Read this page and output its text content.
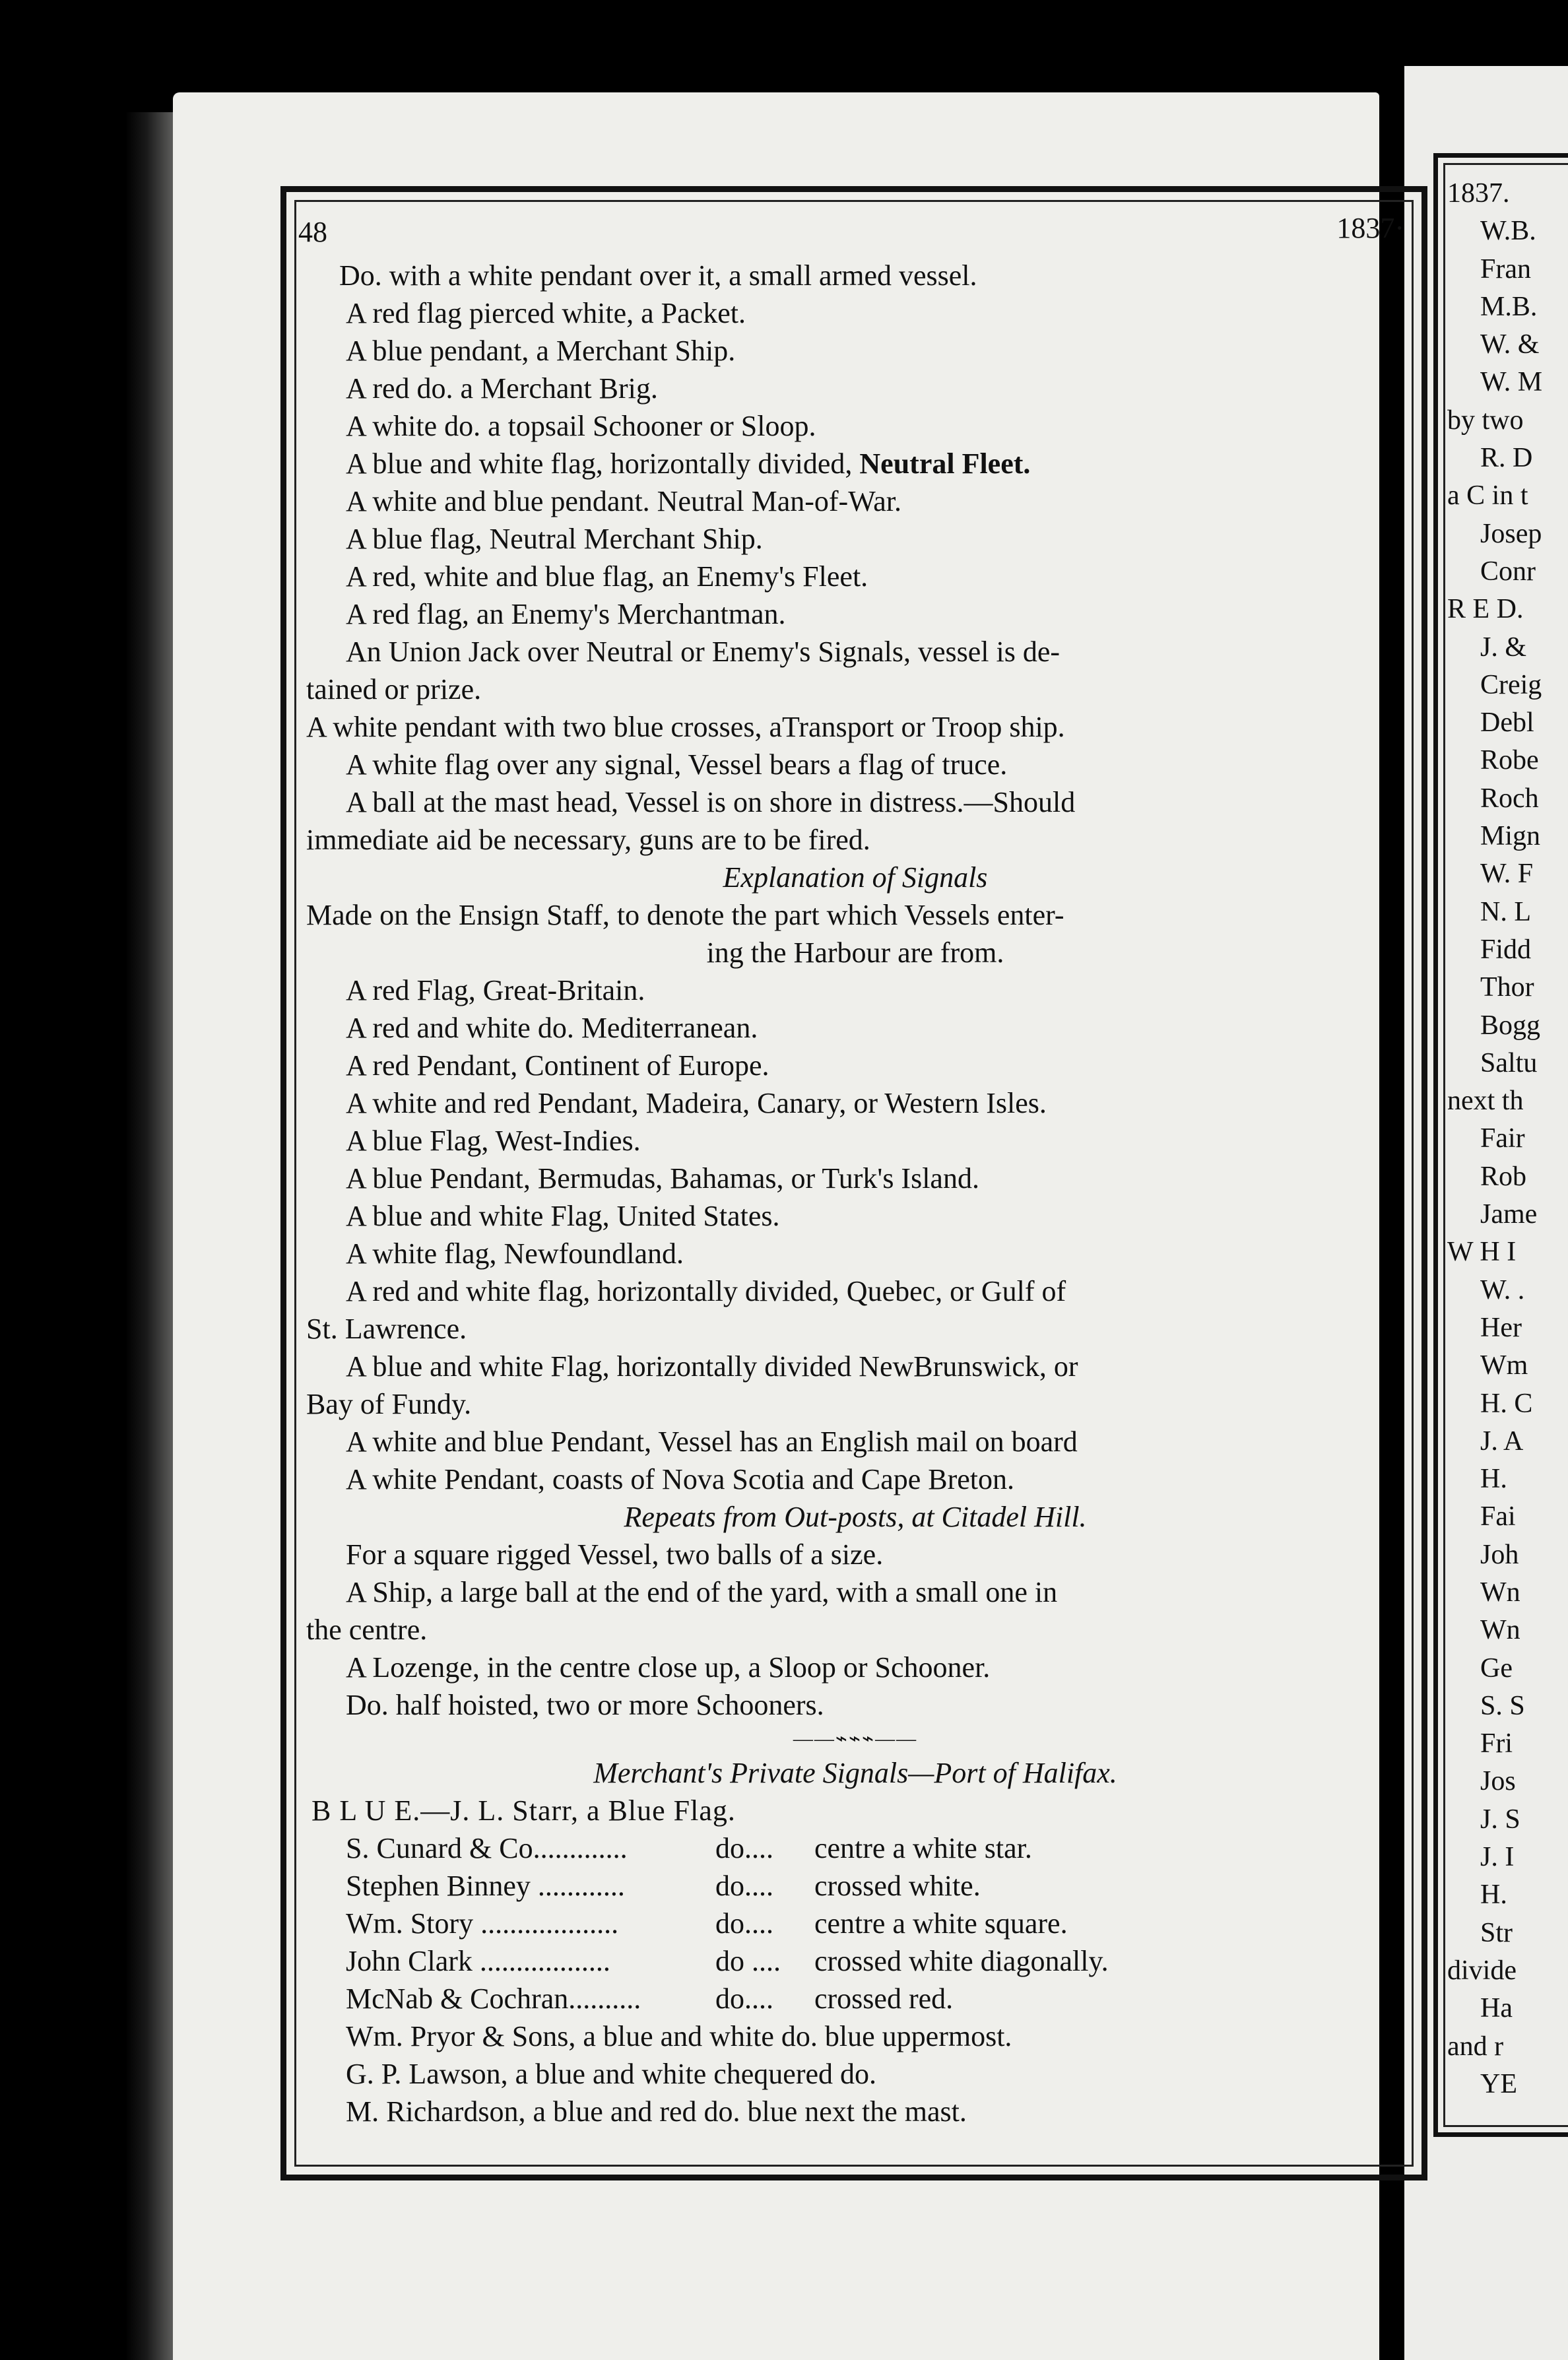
1837.
W.B.
Fran
M.B.
W. &
W. M
by two
R. D
a C in t
Josep
Conr
R E D.
J. &
Creig
Debl
Robe
Roch
Mign
W. F
N. L
Fidd
Thor
Bogg
Saltu
next th
Fair
Rob
Jame
W H I
W. .
Her
Wm
H. C
J. A
H.
Fai
Joh
Wn
Wn
Ge
S. S
Fri
Jos
J. S
J. I
H.
Str
divide
Ha
and r
YE
48	1837·
Do. with a white pendant over it, a small armed vessel.
A red flag pierced white, a Packet.
A blue pendant, a Merchant Ship.
A red do. a Merchant Brig.
A white do. a topsail Schooner or Sloop.
A blue and white flag, horizontally divided, Neutral Fleet.
A white and blue pendant. Neutral Man-of-War.
A blue flag, Neutral Merchant Ship.
A red, white and blue flag, an Enemy's Fleet.
A red flag, an Enemy's Merchantman.
An Union Jack over Neutral or Enemy's Signals, vessel is de-
tained or prize.
A white pendant with two blue crosses, aTransport or Troop ship.
A white flag over any signal, Vessel bears a flag of truce.
A ball at the mast head, Vessel is on shore in distress.—Should
immediate aid be necessary, guns are to be fired.
Explanation of Signals
Made on the Ensign Staff, to denote the part which Vessels enter-
ing the Harbour are from.
A red Flag, Great-Britain.
A red and white do. Mediterranean.
A red Pendant, Continent of Europe.
A white and red Pendant, Madeira, Canary, or Western Isles.
A blue Flag, West-Indies.
A blue Pendant, Bermudas, Bahamas, or Turk's Island.
A blue and white Flag, United States.
A white flag, Newfoundland.
A red and white flag, horizontally divided, Quebec, or Gulf of
St. Lawrence.
A blue and white Flag, horizontally divided NewBrunswick, or
Bay of Fundy.
A white and blue Pendant, Vessel has an English mail on board
A white Pendant, coasts of Nova Scotia and Cape Breton.
Repeats from Out-posts, at Citadel Hill.
For a square rigged Vessel, two balls of a size.
A Ship, a large ball at the end of the yard, with a small one in
the centre.
A Lozenge, in the centre close up, a Sloop or Schooner.
Do. half hoisted, two or more Schooners.
——⌁⌁⌁——
Merchant's Private Signals—Port of Halifax.
B L U E.—J. L. Starr, a Blue Flag.
S. Cunard & Co.............	do....	centre a white star.
Stephen Binney ............	do....	crossed white.
Wm. Story ...................	do....	centre a white square.
John Clark ..................	do ....	crossed white diagonally.
McNab & Cochran..........	do....	crossed red.
Wm. Pryor & Sons, a blue and white do. blue uppermost.
G. P. Lawson, a blue and white chequered do.
M. Richardson, a blue and red do. blue next the mast.
